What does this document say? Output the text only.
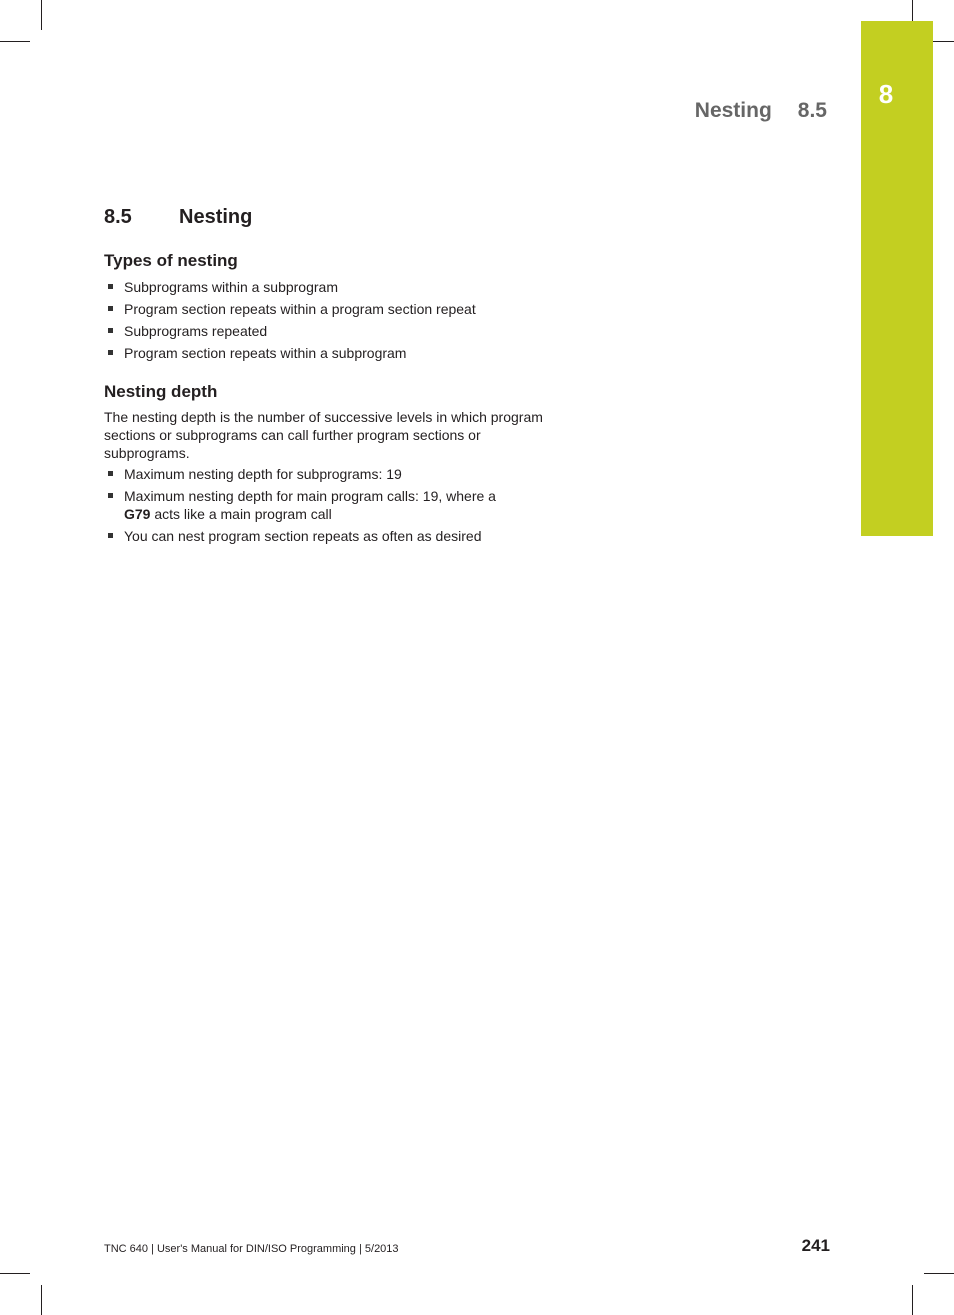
8
Nesting 8.5
8.5 Nesting
Types of nesting
Subprograms within a subprogram
Program section repeats within a program section repeat
Subprograms repeated
Program section repeats within a subprogram
Nesting depth
The nesting depth is the number of successive levels in which program sections or subprograms can call further program sections or subprograms.
Maximum nesting depth for subprograms: 19
Maximum nesting depth for main program calls: 19, where a
G79 acts like a main program call
You can nest program section repeats as often as desired
TNC 640 | User's Manual for DIN/ISO Programming | 5/2013	241
